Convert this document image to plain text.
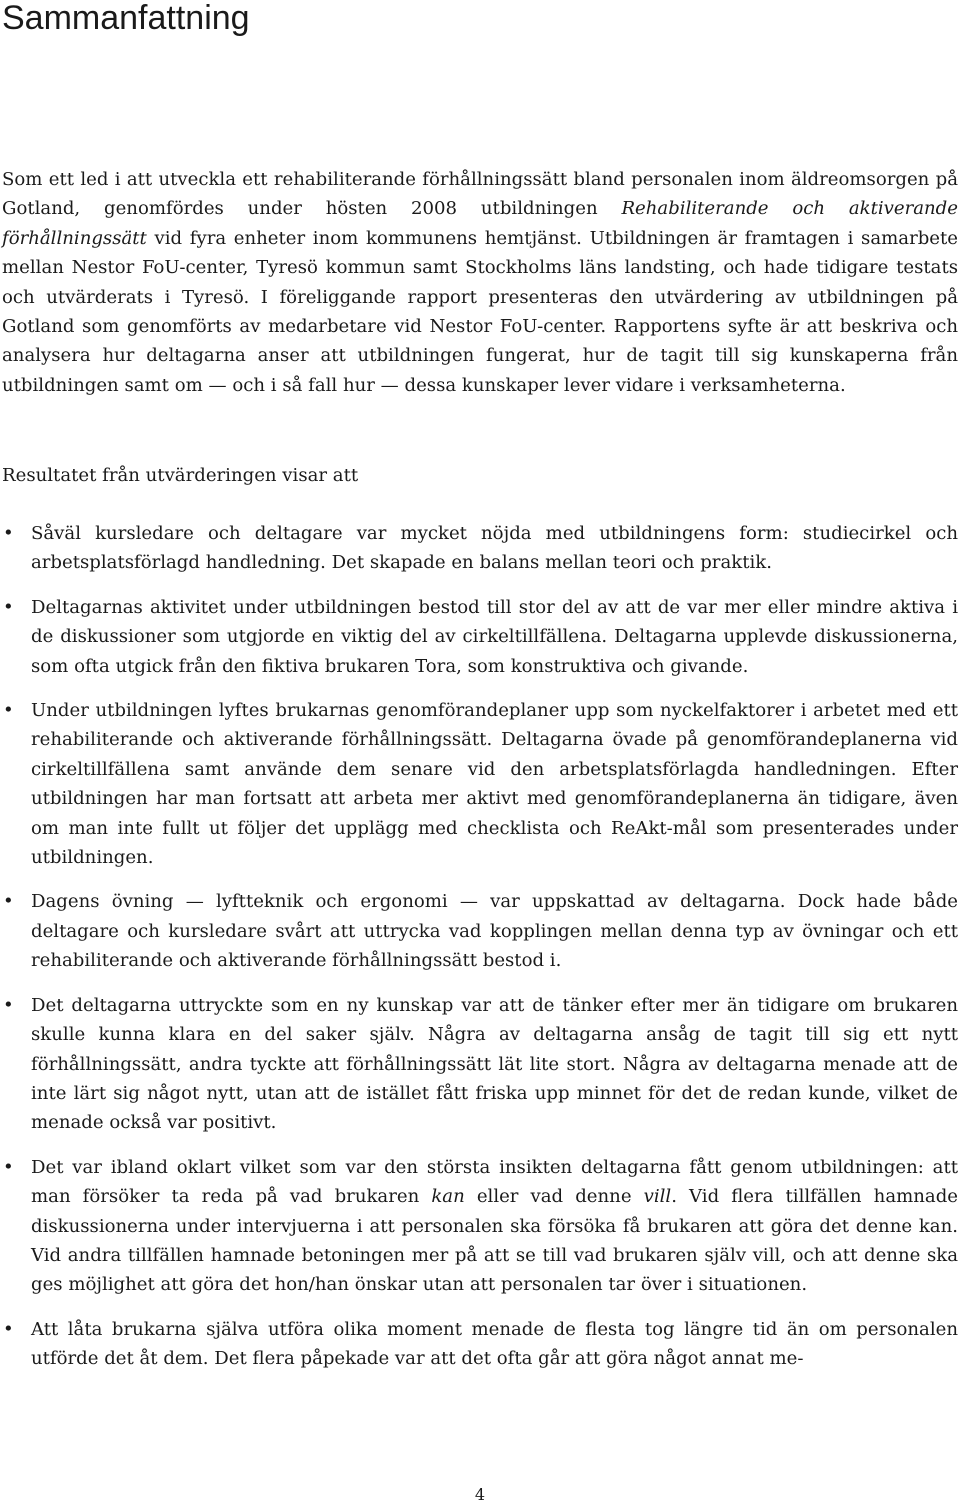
Sammanfattning

Som ett led i att utveckla ett rehabiliterande förhållningssätt bland personalen inom äldreomsorgen på Gotland, genomfördes under hösten 2008 utbildningen Rehabiliterande och aktiverande förhållningssätt vid fyra enheter inom kommunens hemtjänst. Utbildningen är framtagen i samarbete mellan Nestor FoU-center, Tyresö kommun samt Stockholms läns landsting, och hade tidigare testats och utvärderats i Tyresö. I föreliggande rapport presenteras den utvärdering av utbildningen på Gotland som genomförts av medarbetare vid Nestor FoU-center. Rapportens syfte är att beskriva och analysera hur deltagarna anser att utbildningen fungerat, hur de tagit till sig kunskaperna från utbildningen samt om — och i så fall hur — dessa kunskaper lever vidare i verksamheterna.

Resultatet från utvärderingen visar att

• Såväl kursledare och deltagare var mycket nöjda med utbildningens form: studiecirkel och arbetsplatsförlagd handledning. Det skapade en balans mellan teori och praktik.
• Deltagarnas aktivitet under utbildningen bestod till stor del av att de var mer eller mindre aktiva i de diskussioner som utgjorde en viktig del av cirkeltillfällena. Deltagarna upplevde diskussionerna, som ofta utgick från den fiktiva brukaren Tora, som konstruktiva och givande.
• Under utbildningen lyftes brukarnas genomförandeplaner upp som nyckelfaktorer i arbetet med ett rehabiliterande och aktiverande förhållningssätt. Deltagarna övade på genomförandeplanerna vid cirkeltillfällena samt använde dem senare vid den arbetsplatsförlagda handledningen. Efter utbildningen har man fortsatt att arbeta mer aktivt med genomförandeplanerna än tidigare, även om man inte fullt ut följer det upplägg med checklista och ReAkt-mål som presenterades under utbildningen.
• Dagens övning — lyftteknik och ergonomi — var uppskattad av deltagarna. Dock hade både deltagare och kursledare svårt att uttrycka vad kopplingen mellan denna typ av övningar och ett rehabiliterande och aktiverande förhållningssätt bestod i.
• Det deltagarna uttryckte som en ny kunskap var att de tänker efter mer än tidigare om brukaren skulle kunna klara en del saker själv. Några av deltagarna ansåg de tagit till sig ett nytt förhållningssätt, andra tyckte att förhållningssätt lät lite stort. Några av deltagarna menade att de inte lärt sig något nytt, utan att de istället fått friska upp minnet för det de redan kunde, vilket de menade också var positivt.
• Det var ibland oklart vilket som var den största insikten deltagarna fått genom utbildningen: att man försöker ta reda på vad brukaren kan eller vad denne vill. Vid flera tillfällen hamnade diskussionerna under intervjuerna i att personalen ska försöka få brukaren att göra det denne kan. Vid andra tillfällen hamnade betoningen mer på att se till vad brukaren själv vill, och att denne ska ges möjlighet att göra det hon/han önskar utan att personalen tar över i situationen.
• Att låta brukarna själva utföra olika moment menade de flesta tog längre tid än om personalen utförde det åt dem. Det flera påpekade var att det ofta går att göra något annat me-
4
